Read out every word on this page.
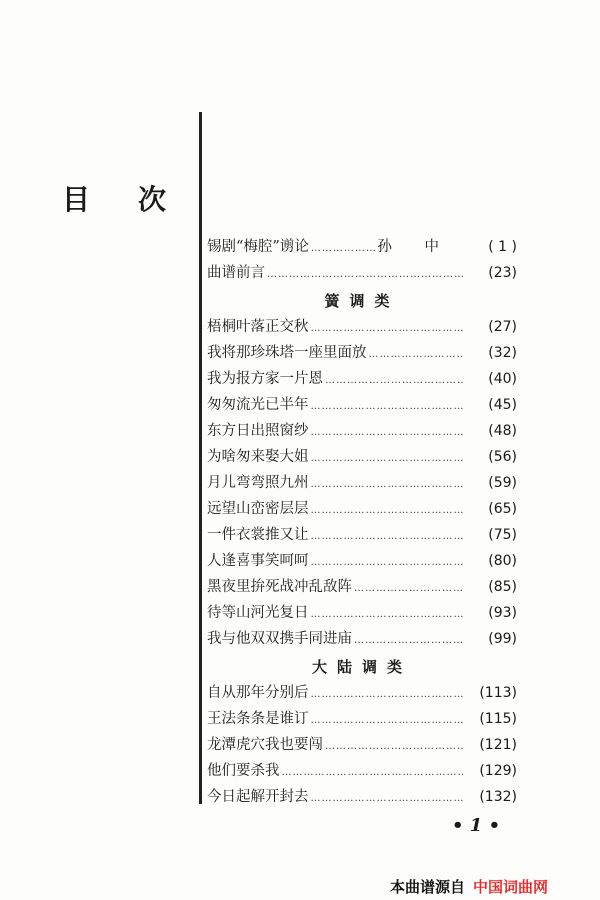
目 次
锡剧“梅腔”谫论 ………………………………………………………………………………	孙 中	( 1 )
曲谱前言 ………………………………………………………………………………	(23)
簧调类
梧桐叶落正交秋 ………………………………………………………………………………	(27)
我将那珍珠塔一座里面放 ………………………………………………………………………………	(32)
我为报方家一片恩 ………………………………………………………………………………	(40)
匆匆流光已半年 ………………………………………………………………………………	(45)
东方日出照窗纱 ………………………………………………………………………………	(48)
为啥匆来娶大姐 ………………………………………………………………………………	(56)
月儿弯弯照九州 ………………………………………………………………………………	(59)
远望山峦密层层 ………………………………………………………………………………	(65)
一件衣裳推又让 ………………………………………………………………………………	(75)
人逢喜事笑呵呵 ………………………………………………………………………………	(80)
黑夜里拚死战冲乱敌阵 ………………………………………………………………………………	(85)
待等山河光复日 ………………………………………………………………………………	(93)
我与他双双携手同进庙 ………………………………………………………………………………	(99)
大陆调类
自从那年分别后 ………………………………………………………………………………	(113)
王法条条是谁订 ………………………………………………………………………………	(115)
龙潭虎穴我也要闯 ………………………………………………………………………………	(121)
他们要杀我 ………………………………………………………………………………	(129)
今日起解开封去 ………………………………………………………………………………	(132)
• 1 •
本曲谱源自 中国词曲网
